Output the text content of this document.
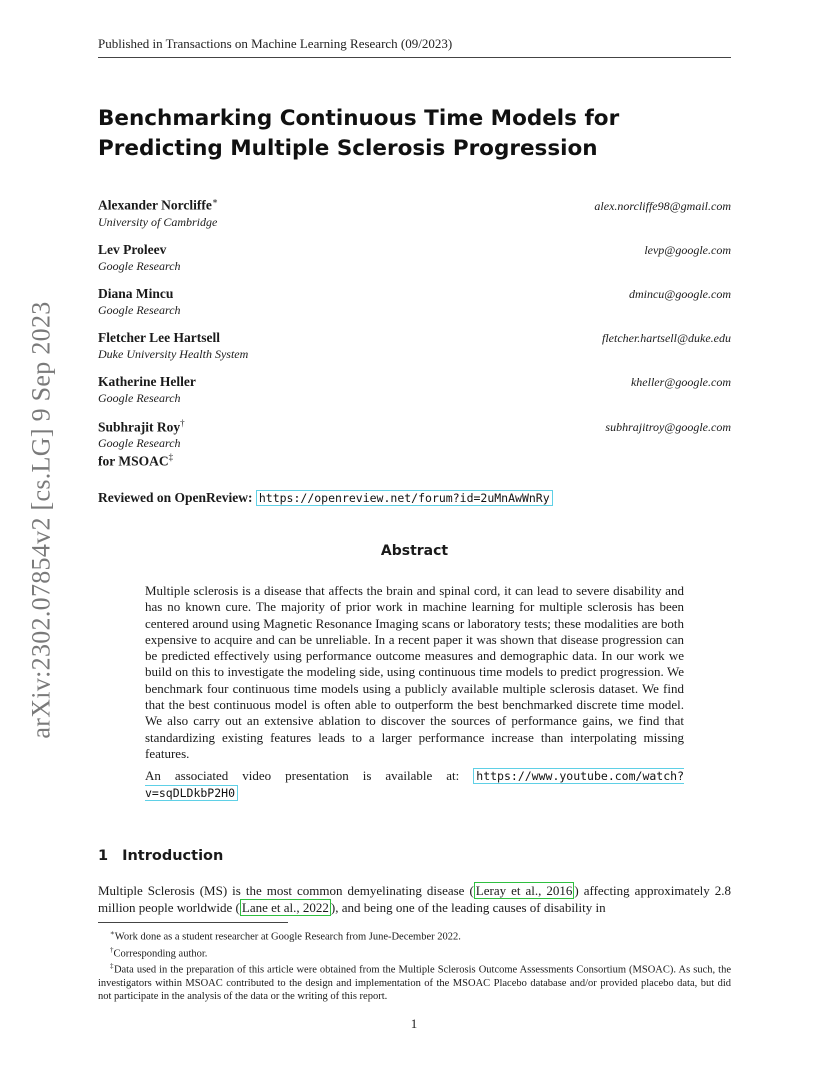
arXiv:2302.07854v2 [cs.LG] 9 Sep 2023
Published in Transactions on Machine Learning Research (09/2023)
Benchmarking Continuous Time Models for
Predicting Multiple Sclerosis Progression
Alexander Norcliffe∗	alex.norcliffe98@gmail.com
University of Cambridge
Lev Proleev	levp@google.com
Google Research
Diana Mincu	dmincu@google.com
Google Research
Fletcher Lee Hartsell	fletcher.hartsell@duke.edu
Duke University Health System
Katherine Heller	kheller@google.com
Google Research
Subhrajit Roy†	subhrajitroy@google.com
Google Research
for MSOAC‡
Reviewed on OpenReview: https://openreview.net/forum?id=2uMnAwWnRy
Abstract

Multiple sclerosis is a disease that affects the brain and spinal cord, it can lead to severe disability and has no known cure. The majority of prior work in machine learning for multiple sclerosis has been centered around using Magnetic Resonance Imaging scans or laboratory tests; these modalities are both expensive to acquire and can be unreliable. In a recent paper it was shown that disease progression can be predicted effectively using performance outcome measures and demographic data. In our work we build on this to investigate the modeling side, using continuous time models to predict progression. We benchmark four continuous time models using a publicly available multiple sclerosis dataset. We find that the best continuous model is often able to outperform the best benchmarked discrete time model. We also carry out an extensive ablation to discover the sources of performance gains, we find that standardizing existing features leads to a larger performance increase than interpolating missing features.

An associated video presentation is available at: https://www.youtube.com/watch?v=sqDLDkbP2H0

1 Introduction

Multiple Sclerosis (MS) is the most common demyelinating disease ( Leray et al., 2016 ) affecting approximately 2.8 million people worldwide ( Lane et al., 2022 ), and being one of the leading causes of disability in

∗Work done as a student researcher at Google Research from June-December 2022.

†Corresponding author.

‡Data used in the preparation of this article were obtained from the Multiple Sclerosis Outcome Assessments Consortium (MSOAC). As such, the investigators within MSOAC contributed to the design and implementation of the MSOAC Placebo database and/or provided placebo data, but did not participate in the analysis of the data or the writing of this report.

1
